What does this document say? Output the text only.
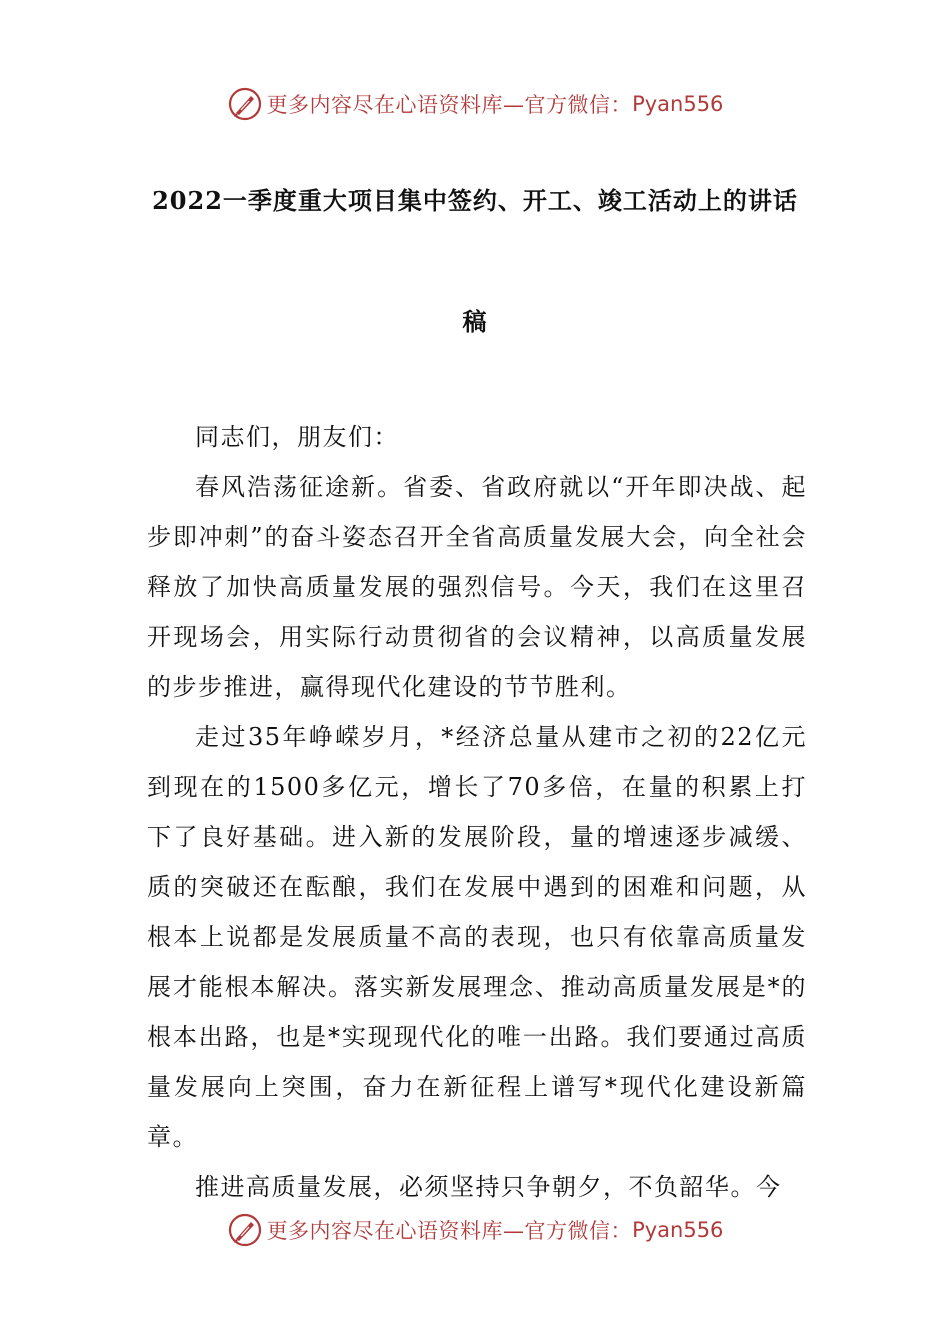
更多内容尽在心语资料库—官方微信： Pyan556
2022一季度重大项目集中签约、开工、竣工活动上的讲话
稿

同志们，朋友们：

春风浩荡征途新。省委、省政府就以“开年即决战、起步即冲刺”的奋斗姿态召开全省高质量发展大会，向全社会释放了加快高质量发展的强烈信号。今天，我们在这里召开现场会，用实际行动贯彻省的会议精神，以高质量发展的步步推进，赢得现代化建设的节节胜利。

走过35年峥嵘岁月，*经济总量从建市之初的22亿元到现在的1500多亿元，增长了70多倍，在量的积累上打下了良好基础。进入新的发展阶段，量的增速逐步减缓、质的突破还在酝酿，我们在发展中遇到的困难和问题，从根本上说都是发展质量不高的表现，也只有依靠高质量发展才能根本解决。落实新发展理念、推动高质量发展是*的根本出路，也是*实现现代化的唯一出路。我们要通过高质量发展向上突围，奋力在新征程上谱写*现代化建设新篇章。

推进高质量发展，必须坚持只争朝夕，不负韶华。今

更多内容尽在心语资料库—官方微信： Pyan556
